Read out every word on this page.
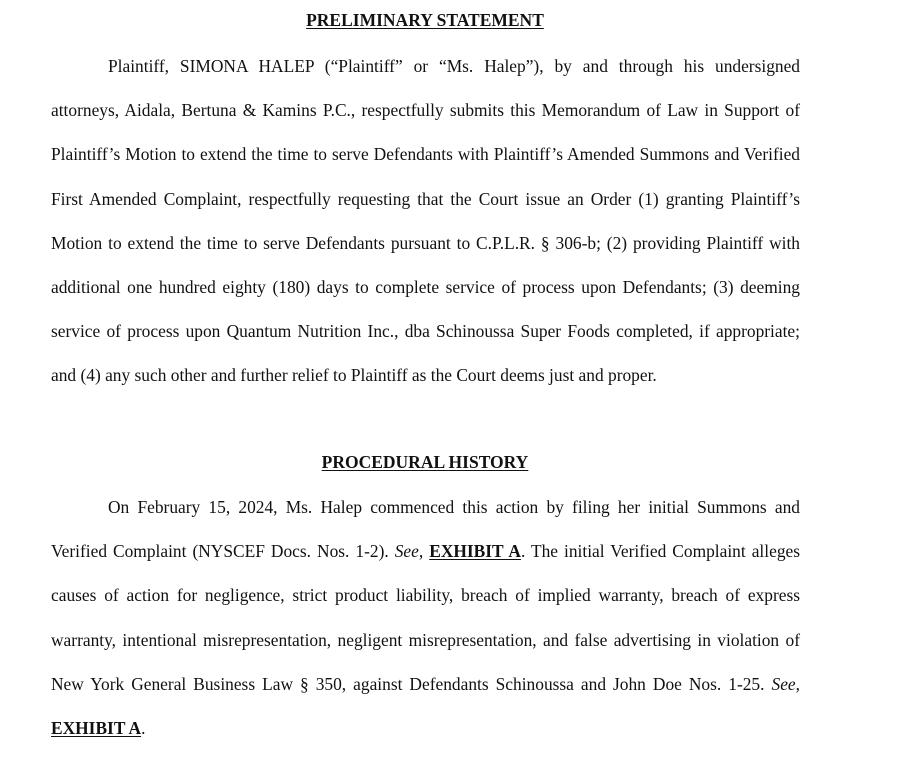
PRELIMINARY STATEMENT

Plaintiff, SIMONA HALEP (“Plaintiff” or “Ms. Halep”), by and through his undersigned attorneys, Aidala, Bertuna & Kamins P.C., respectfully submits this Memorandum of Law in Support of Plaintiff’s Motion to extend the time to serve Defendants with Plaintiff’s Amended Summons and Verified First Amended Complaint, respectfully requesting that the Court issue an Order (1) granting Plaintiff’s Motion to extend the time to serve Defendants pursuant to C.P.L.R. § 306-b; (2) providing Plaintiff with additional one hundred eighty (180) days to complete service of process upon Defendants; (3) deeming service of process upon Quantum Nutrition Inc., dba Schinoussa Super Foods completed, if appropriate; and (4) any such other and further relief to Plaintiff as the Court deems just and proper.

PROCEDURAL HISTORY

On February 15, 2024, Ms. Halep commenced this action by filing her initial Summons and Verified Complaint (NYSCEF Docs. Nos. 1-2). See, EXHIBIT A. The initial Verified Complaint alleges causes of action for negligence, strict product liability, breach of implied warranty, breach of express warranty, intentional misrepresentation, negligent misrepresentation, and false advertising in violation of New York General Business Law § 350, against Defendants Schinoussa and John Doe Nos. 1-25. See, EXHIBIT A.
